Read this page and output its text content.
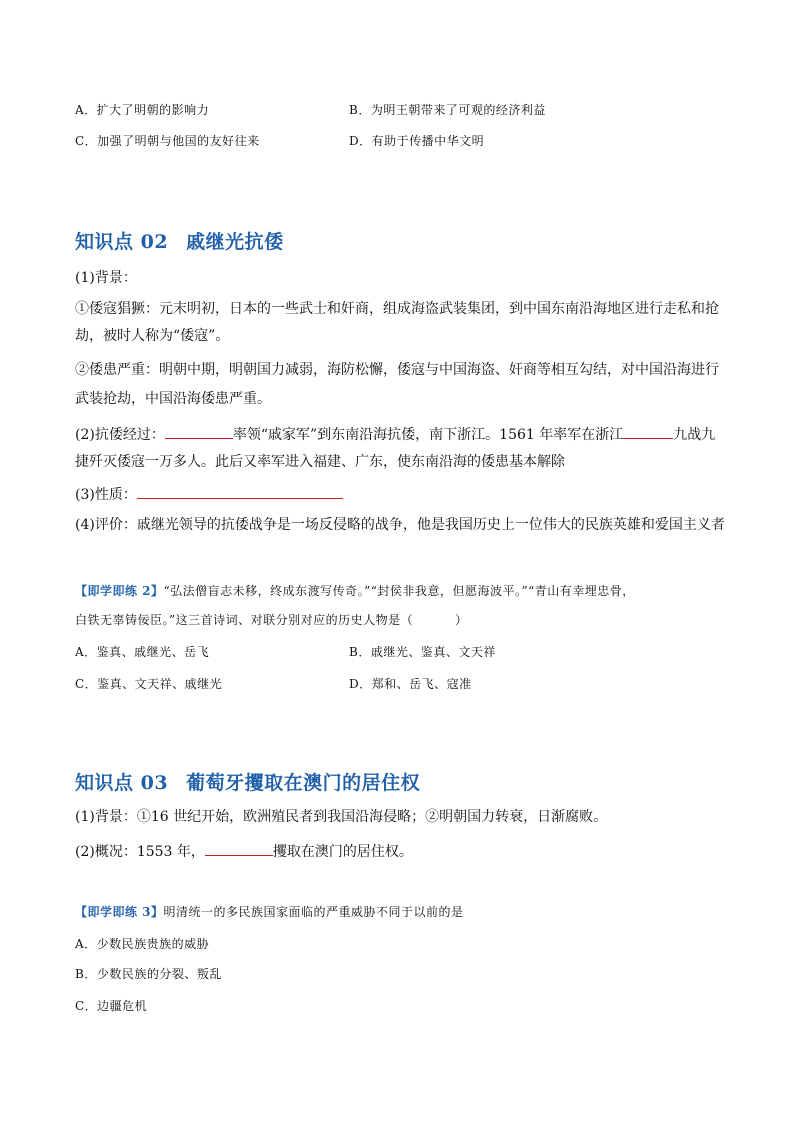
A．扩大了明朝的影响力	B．为明王朝带来了可观的经济利益
C．加强了明朝与他国的友好往来	D．有助于传播中华文明
知识点 02 戚继光抗倭
(1)背景：
①倭寇猖獗：元末明初，日本的一些武士和奸商，组成海盗武装集团，到中国东南沿海地区进行走私和抢
劫，被时人称为“倭寇”。
②倭患严重：明朝中期，明朝国力减弱，海防松懈，倭寇与中国海盗、奸商等相互勾结，对中国沿海进行
武装抢劫，中国沿海倭患严重。
(2)抗倭经过：	率领“戚家军”到东南沿海抗倭，南下浙江。1561 年率军在浙江	九战九
捷歼灭倭寇一万多人。此后又率军进入福建、广东，使东南沿海的倭患基本解除
(3)性质：
(4)评价：戚继光领导的抗倭战争是一场反侵略的战争，他是我国历史上一位伟大的民族英雄和爱国主义者
【即学即练 2】“弘法僧盲志未移，终成东渡写传奇。”“封侯非我意，但愿海波平。”“青山有幸埋忠骨，
白铁无辜铸佞臣。”这三首诗词、对联分别对应的历史人物是（	）
A．鉴真、戚继光、岳飞	B．戚继光、鉴真、文天祥
C．鉴真、文天祥、戚继光	D．郑和、岳飞、寇准
知识点 03 葡萄牙攫取在澳门的居住权
(1)背景：①16 世纪开始，欧洲殖民者到我国沿海侵略；②明朝国力转衰，日渐腐败。
(2)概况：1553 年，	攫取在澳门的居住权。
【即学即练 3】明清统一的多民族国家面临的严重威胁不同于以前的是
A．少数民族贵族的威胁
B．少数民族的分裂、叛乱
C．边疆危机
